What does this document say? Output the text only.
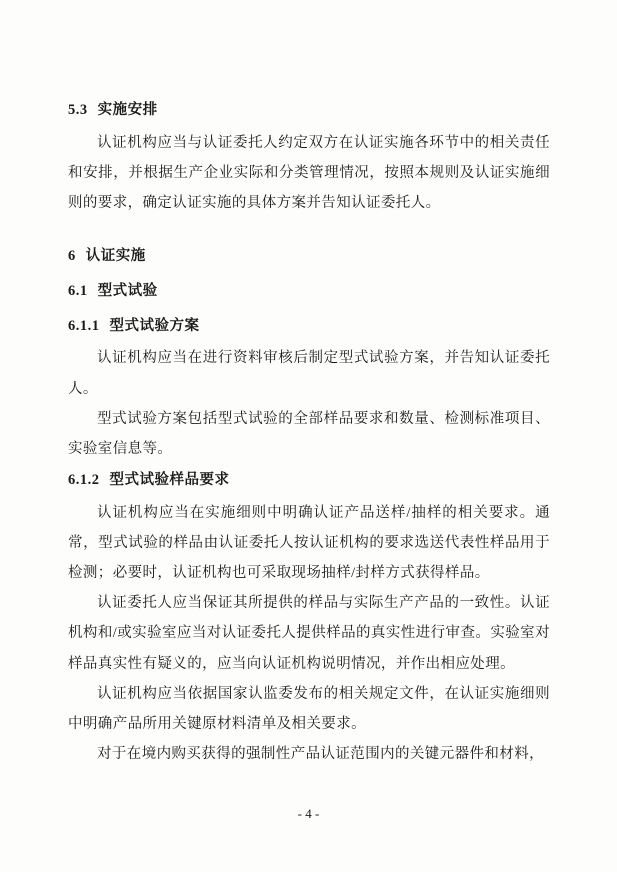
5.3 实施安排

认证机构应当与认证委托人约定双方在认证实施各环节中的相关责任和安排，并根据生产企业实际和分类管理情况，按照本规则及认证实施细则的要求，确定认证实施的具体方案并告知认证委托人。

6 认证实施
6.1 型式试验
6.1.1 型式试验方案

认证机构应当在进行资料审核后制定型式试验方案，并告知认证委托人。

型式试验方案包括型式试验的全部样品要求和数量、检测标准项目、实验室信息等。

6.1.2 型式试验样品要求

认证机构应当在实施细则中明确认证产品送样/抽样的相关要求。通常，型式试验的样品由认证委托人按认证机构的要求选送代表性样品用于检测；必要时，认证机构也可采取现场抽样/封样方式获得样品。

认证委托人应当保证其所提供的样品与实际生产产品的一致性。认证机构和/或实验室应当对认证委托人提供样品的真实性进行审查。实验室对样品真实性有疑义的，应当向认证机构说明情况，并作出相应处理。

认证机构应当依据国家认监委发布的相关规定文件，在认证实施细则中明确产品所用关键原材料清单及相关要求。

对于在境内购买获得的强制性产品认证范围内的关键元器件和材料，

- 4 -
